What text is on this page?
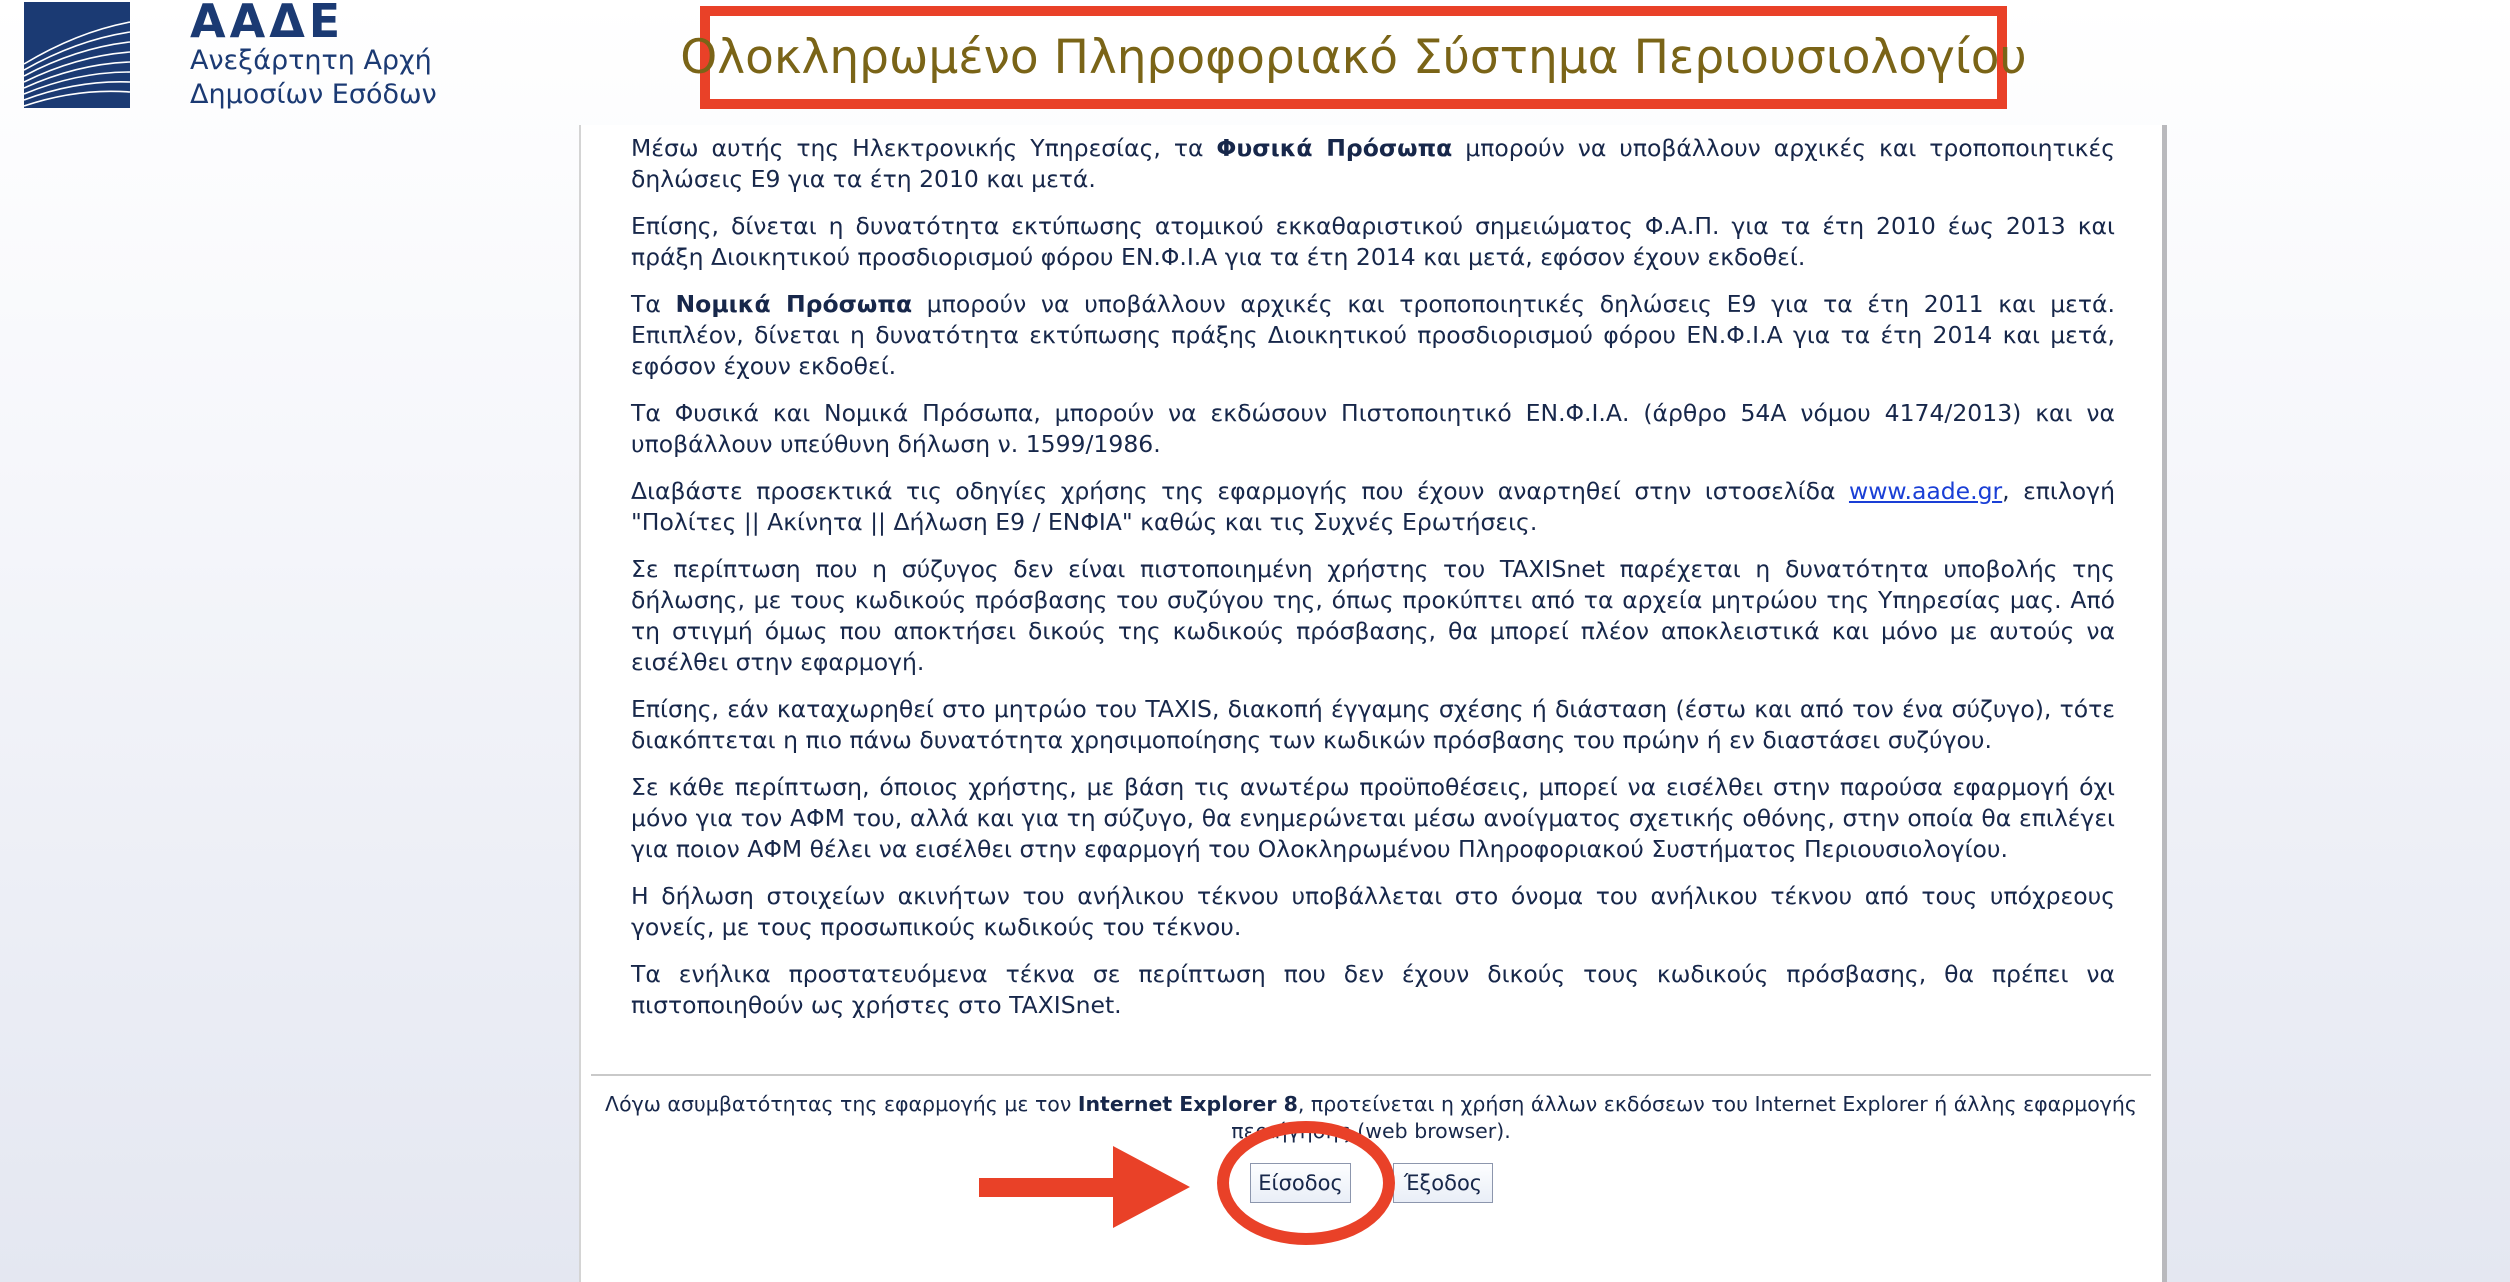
ΑΑΔΕ
Ανεξάρτητη Αρχή
Δημοσίων Εσόδων
Ολοκληρωμένο Πληροφοριακό Σύστημα Περιουσιολογίου

Μέσω αυτής της Ηλεκτρονικής Υπηρεσίας, τα Φυσικά Πρόσωπα μπορούν να υποβάλλουν αρχικές και τροποποιητικές δηλώσεις Ε9 για τα έτη 2010 και μετά.

Επίσης, δίνεται η δυνατότητα εκτύπωσης ατομικού εκκαθαριστικού σημειώματος Φ.Α.Π. για τα έτη 2010 έως 2013 και πράξη Διοικητικού προσδιορισμού φόρου ΕΝ.Φ.Ι.Α για τα έτη 2014 και μετά, εφόσον έχουν εκδοθεί.

Τα Νομικά Πρόσωπα μπορούν να υποβάλλουν αρχικές και τροποποιητικές δηλώσεις Ε9 για τα έτη 2011 και μετά. Επιπλέον, δίνεται η δυνατότητα εκτύπωσης πράξης Διοικητικού προσδιορισμού φόρου ΕΝ.Φ.Ι.Α για τα έτη 2014 και μετά, εφόσον έχουν εκδοθεί.

Τα Φυσικά και Νομικά Πρόσωπα, μπορούν να εκδώσουν Πιστοποιητικό ΕΝ.Φ.Ι.Α. (άρθρο 54Α νόμου 4174/2013) και να υποβάλλουν υπεύθυνη δήλωση ν. 1599/1986.

Διαβάστε προσεκτικά τις οδηγίες χρήσης της εφαρμογής που έχουν αναρτηθεί στην ιστοσελίδα www.aade.gr, επιλογή "Πολίτες || Ακίνητα || Δήλωση Ε9 / ΕΝΦΙΑ" καθώς και τις Συχνές Ερωτήσεις.

Σε περίπτωση που η σύζυγος δεν είναι πιστοποιημένη χρήστης του TAXISnet παρέχεται η δυνατότητα υποβολής της δήλωσης, με τους κωδικούς πρόσβασης του συζύγου της, όπως προκύπτει από τα αρχεία μητρώου της Υπηρεσίας μας. Από τη στιγμή όμως που αποκτήσει δικούς της κωδικούς πρόσβασης, θα μπορεί πλέον αποκλειστικά και μόνο με αυτούς να εισέλθει στην εφαρμογή.

Επίσης, εάν καταχωρηθεί στο μητρώο του TAXIS, διακοπή έγγαμης σχέσης ή διάσταση (έστω και από τον ένα σύζυγο), τότε διακόπτεται η πιο πάνω δυνατότητα χρησιμοποίησης των κωδικών πρόσβασης του πρώην ή εν διαστάσει συζύγου.

Σε κάθε περίπτωση, όποιος χρήστης, με βάση τις ανωτέρω προϋποθέσεις, μπορεί να εισέλθει στην παρούσα εφαρμογή όχι μόνο για τον ΑΦΜ του, αλλά και για τη σύζυγο, θα ενημερώνεται μέσω ανοίγματος σχετικής οθόνης, στην οποία θα επιλέγει για ποιον ΑΦΜ θέλει να εισέλθει στην εφαρμογή του Ολοκληρωμένου Πληροφοριακού Συστήματος Περιουσιολογίου.

Η δήλωση στοιχείων ακινήτων του ανήλικου τέκνου υποβάλλεται στο όνομα του ανήλικου τέκνου από τους υπόχρεους γονείς, με τους προσωπικούς κωδικούς του τέκνου.

Τα ενήλικα προστατευόμενα τέκνα σε περίπτωση που δεν έχουν δικούς τους κωδικούς πρόσβασης, θα πρέπει να πιστοποιηθούν ως χρήστες στο TAXISnet.

Λόγω ασυμβατότητας της εφαρμογής με τον Internet Explorer 8, προτείνεται η χρήση άλλων εκδόσεων του Internet Explorer ή άλλης εφαρμογής περιήγησης (web browser).
Είσοδος	Έξοδος
